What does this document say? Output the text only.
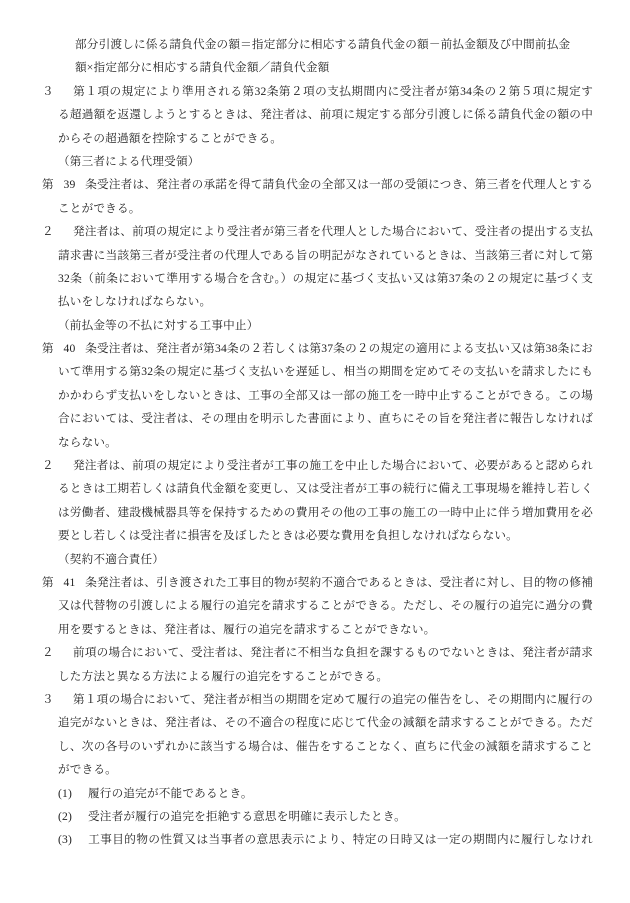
部分引渡しに係る請負代金の額＝指定部分に相応する請負代金の額－前払金額及び中間前払金
額×指定部分に相応する請負代金額／請負代金額
３ 第１項の規定により準用される第32条第２項の支払期間内に受注者が第34条の２第５項に規定す
る超過額を返還しようとするときは、発注者は、前項に規定する部分引渡しに係る請負代金の額の中
からその超過額を控除することができる。
（第三者による代理受領）
第39条受注者は、発注者の承諾を得て請負代金の全部又は一部の受領につき、第三者を代理人とする
ことができる。
２ 発注者は、前項の規定により受注者が第三者を代理人とした場合において、受注者の提出する支払
請求書に当該第三者が受注者の代理人である旨の明記がなされているときは、当該第三者に対して第
32条（前条において準用する場合を含む。）の規定に基づく支払い又は第37条の２の規定に基づく支
払いをしなければならない。
（前払金等の不払に対する工事中止）
第40条受注者は、発注者が第34条の２若しくは第37条の２の規定の適用による支払い又は第38条にお
いて準用する第32条の規定に基づく支払いを遅延し、相当の期間を定めてその支払いを請求したにも
かかわらず支払いをしないときは、工事の全部又は一部の施工を一時中止することができる。この場
合においては、受注者は、その理由を明示した書面により、直ちにその旨を発注者に報告しなければ
ならない。
２ 発注者は、前項の規定により受注者が工事の施工を中止した場合において、必要があると認められ
るときは工期若しくは請負代金額を変更し、又は受注者が工事の続行に備え工事現場を維持し若しく
は労働者、建設機械器具等を保持するための費用その他の工事の施工の一時中止に伴う増加費用を必
要とし若しくは受注者に損害を及ぼしたときは必要な費用を負担しなければならない。
（契約不適合責任）
第41条発注者は、引き渡された工事目的物が契約不適合であるときは、受注者に対し、目的物の修補
又は代替物の引渡しによる履行の追完を請求することができる。ただし、その履行の追完に過分の費
用を要するときは、発注者は、履行の追完を請求することができない。
２ 前項の場合において、受注者は、発注者に不相当な負担を課するものでないときは、発注者が請求
した方法と異なる方法による履行の追完をすることができる。
３ 第１項の場合において、発注者が相当の期間を定めて履行の追完の催告をし、その期間内に履行の
追完がないときは、発注者は、その不適合の程度に応じて代金の減額を請求することができる。ただ
し、次の各号のいずれかに該当する場合は、催告をすることなく、直ちに代金の減額を請求すること
ができる。
(1) 履行の追完が不能であるとき。
(2) 受注者が履行の追完を拒絶する意思を明確に表示したとき。
(3) 工事目的物の性質又は当事者の意思表示により、特定の日時又は一定の期間内に履行しなけれ
